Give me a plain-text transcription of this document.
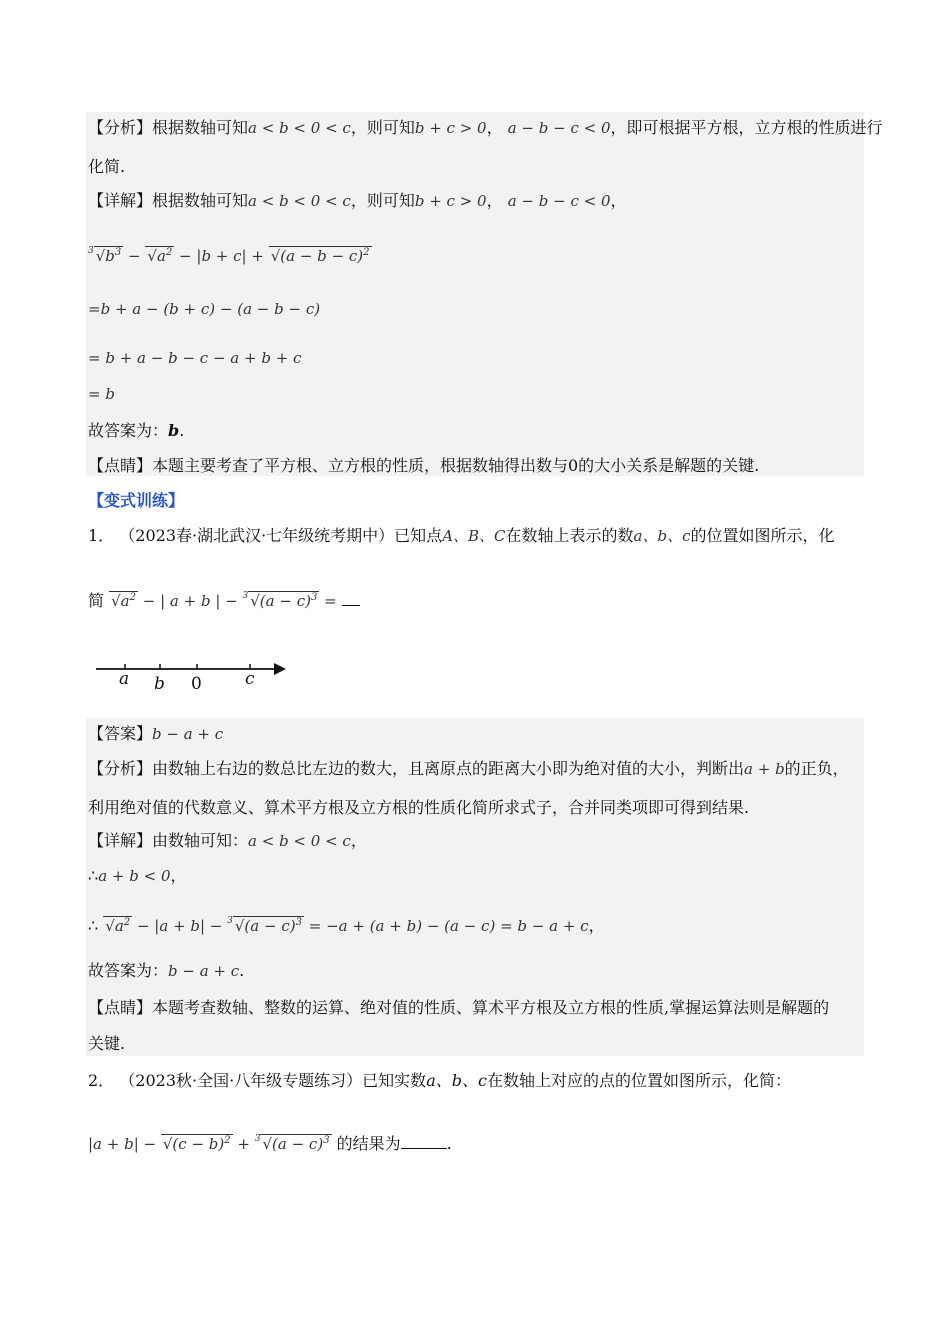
【分析】根据数轴可知a < b < 0 < c，则可知b + c > 0， a − b − c < 0，即可根据平方根，立方根的性质进行
化简.
【详解】根据数轴可知a < b < 0 < c，则可知b + c > 0， a − b − c < 0，
$^3$ $√b^3 - √a^2 - |b + c| + √(a - b - c)^2$
=b + a − (b + c) − (a − b − c)
= b + a − b − c − a + b + c
= b
故答案为：b.
【点睛】本题主要考查了平方根、立方根的性质，根据数轴得出数与0的大小关系是解题的关键.
【变式训练】
1． （2023春·湖北武汉·七年级统考期中）已知点A、B、C在数轴上表示的数a、b、c的位置如图所示，化
简 $√a^2$ − | a + b | − $^3$ $√(a - c)^3$ =
a b 0	c
【答案】b − a + c
【分析】由数轴上右边的数总比左边的数大，且离原点的距离大小即为绝对值的大小，判断出a + b的正负，
利用绝对值的代数意义、算术平方根及立方根的性质化简所求式子，合并同类项即可得到结果.
【详解】由数轴可知：a < b < 0 < c，
∴a + b < 0，
∴ $√a^2 - |a + b| - ^3$ $√(a - c)^3 = -a + (a + b) - (a - c) = b - a + c$，
故答案为：b − a + c.
【点睛】本题考查数轴、整数的运算、绝对值的性质、算术平方根及立方根的性质,掌握运算法则是解题的
关键.
2． （2023秋·全国·八年级专题练习）已知实数a、b、c在数轴上对应的点的位置如图所示，化简：
$|a + b| - √(c - b)^2 + ^3$ $√(a - c)^3$ 的结果为	.
